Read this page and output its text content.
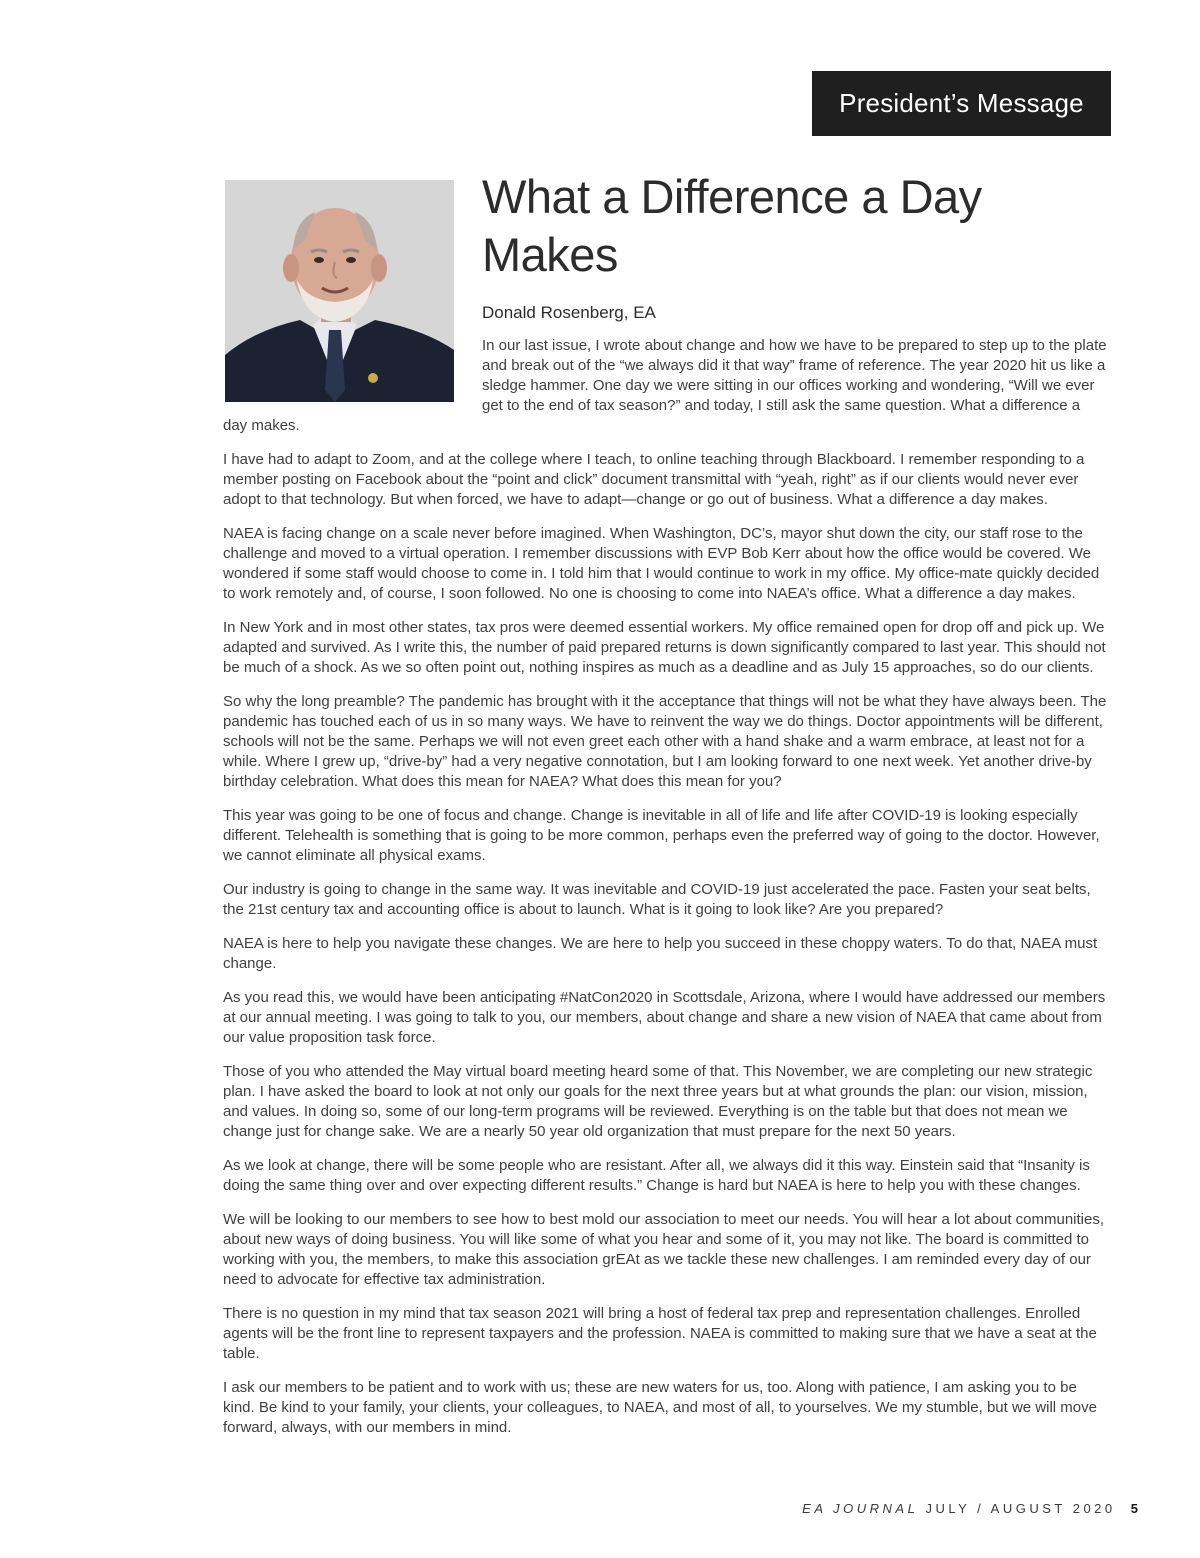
President’s Message
What a Difference a Day Makes
Donald Rosenberg, EA

In our last issue, I wrote about change and how we have to be prepared to step up to the plate and break out of the “we always did it that way” frame of reference. The year 2020 hit us like a sledge hammer. One day we were sitting in our offices working and wondering, “Will we ever get to the end of tax season?” and today, I still ask the same question. What a difference a day makes.

I have had to adapt to Zoom, and at the college where I teach, to online teaching through Blackboard. I remember responding to a member posting on Facebook about the “point and click” document transmittal with “yeah, right” as if our clients would never ever adopt to that technology. But when forced, we have to adapt—change or go out of business. What a difference a day makes.

NAEA is facing change on a scale never before imagined. When Washington, DC’s, mayor shut down the city, our staff rose to the challenge and moved to a virtual operation. I remember discussions with EVP Bob Kerr about how the office would be covered. We wondered if some staff would choose to come in. I told him that I would continue to work in my office. My office-mate quickly decided to work remotely and, of course, I soon followed. No one is choosing to come into NAEA’s office. What a difference a day makes.

In New York and in most other states, tax pros were deemed essential workers. My office remained open for drop off and pick up. We adapted and survived. As I write this, the number of paid prepared returns is down significantly compared to last year. This should not be much of a shock. As we so often point out, nothing inspires as much as a deadline and as July 15 approaches, so do our clients.

So why the long preamble? The pandemic has brought with it the acceptance that things will not be what they have always been. The pandemic has touched each of us in so many ways. We have to reinvent the way we do things. Doctor appointments will be different, schools will not be the same. Perhaps we will not even greet each other with a hand shake and a warm embrace, at least not for a while. Where I grew up, “drive-by” had a very negative connotation, but I am looking forward to one next week. Yet another drive-by birthday celebration. What does this mean for NAEA? What does this mean for you?

This year was going to be one of focus and change. Change is inevitable in all of life and life after COVID-19 is looking especially different. Telehealth is something that is going to be more common, perhaps even the preferred way of going to the doctor. However, we cannot eliminate all physical exams.

Our industry is going to change in the same way. It was inevitable and COVID-19 just accelerated the pace. Fasten your seat belts, the 21st century tax and accounting office is about to launch. What is it going to look like? Are you prepared?

NAEA is here to help you navigate these changes. We are here to help you succeed in these choppy waters. To do that, NAEA must change.

As you read this, we would have been anticipating #NatCon2020 in Scottsdale, Arizona, where I would have addressed our members at our annual meeting. I was going to talk to you, our members, about change and share a new vision of NAEA that came about from our value proposition task force.

Those of you who attended the May virtual board meeting heard some of that. This November, we are completing our new strategic plan. I have asked the board to look at not only our goals for the next three years but at what grounds the plan: our vision, mission, and values. In doing so, some of our long-term programs will be reviewed. Everything is on the table but that does not mean we change just for change sake. We are a nearly 50 year old organization that must prepare for the next 50 years.

As we look at change, there will be some people who are resistant. After all, we always did it this way. Einstein said that “Insanity is doing the same thing over and over expecting different results.” Change is hard but NAEA is here to help you with these changes.

We will be looking to our members to see how to best mold our association to meet our needs. You will hear a lot about communities, about new ways of doing business. You will like some of what you hear and some of it, you may not like. The board is committed to working with you, the members, to make this association grEAt as we tackle these new challenges. I am reminded every day of our need to advocate for effective tax administration.

There is no question in my mind that tax season 2021 will bring a host of federal tax prep and representation challenges. Enrolled agents will be the front line to represent taxpayers and the profession. NAEA is committed to making sure that we have a seat at the table.

I ask our members to be patient and to work with us; these are new waters for us, too. Along with patience, I am asking you to be kind. Be kind to your family, your clients, your colleagues, to NAEA, and most of all, to yourselves. We my stumble, but we will move forward, always, with our members in mind.

EA JOURNAL JULY / AUGUST 2020 5
